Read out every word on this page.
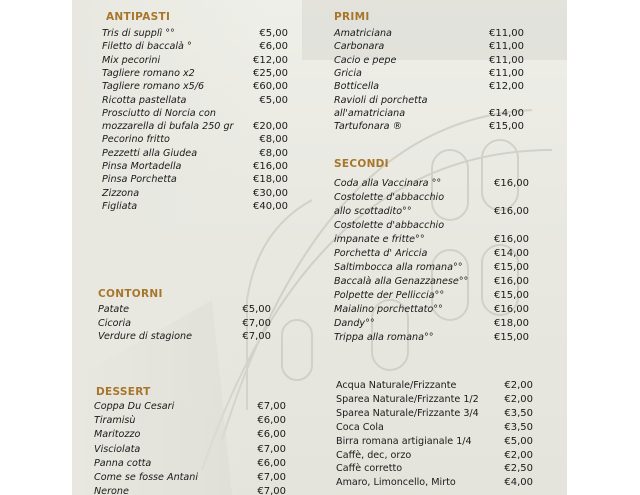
ANTIPASTI
Tris di supplì °°	€5,00
Filetto di baccalà °	€6,00
Mix pecorini	€12,00
Tagliere romano x2	€25,00
Tagliere romano x5/6	€60,00
Ricotta pastellata	€5,00
Prosciutto di Norcia con
mozzarella di bufala 250 gr €20,00
Pecorino fritto	€8,00
Pezzetti alla Giudea	€8,00
Pinsa Mortadella	€16,00
Pinsa Porchetta	€18,00
Zizzona	€30,00
Figliata	€40,00
CONTORNI
Patate	€5,00
Cicoria	€7,00
Verdure di stagione	€7,00
DESSERT
Coppa Du Cesari	€7,00
Tiramisù	€6,00
Maritozzo	€6,00
Visciolata	€7,00
Panna cotta	€6,00
Come se fosse Antani	€7,00
Nerone	€7,00
PRIMI
Amatriciana	€11,00
Carbonara	€11,00
Cacio e pepe	€11,00
Gricia	€11,00
Botticella	€12,00
Ravioli di porchetta
all'amatriciana	€14,00
Tartufonara ®	€15,00
SECONDI
Coda alla Vaccinara °°	€16,00
Costolette d'abbacchio
allo scottadito°°	€16,00
Costolette d'abbacchio
impanate e fritte°°	€16,00
Porchetta d' Ariccia	€14,00
Saltimbocca alla romana°°	€15,00
Baccalà alla Genazzanese°°	€16,00
Polpette der Pelliccia°°	€15,00
Maialino porchettato°°	€16,00
Dandy°°	€18,00
Trippa alla romana°°	€15,00
Acqua Naturale/Frizzante	€2,00
Sparea Naturale/Frizzante 1/2	€2,00
Sparea Naturale/Frizzante 3/4	€3,50
Coca Cola	€3,50
Birra romana artigianale 1/4	€5,00
Caffè, dec, orzo	€2,00
Caffè corretto	€2,50
Amaro, Limoncello, Mirto	€4,00
